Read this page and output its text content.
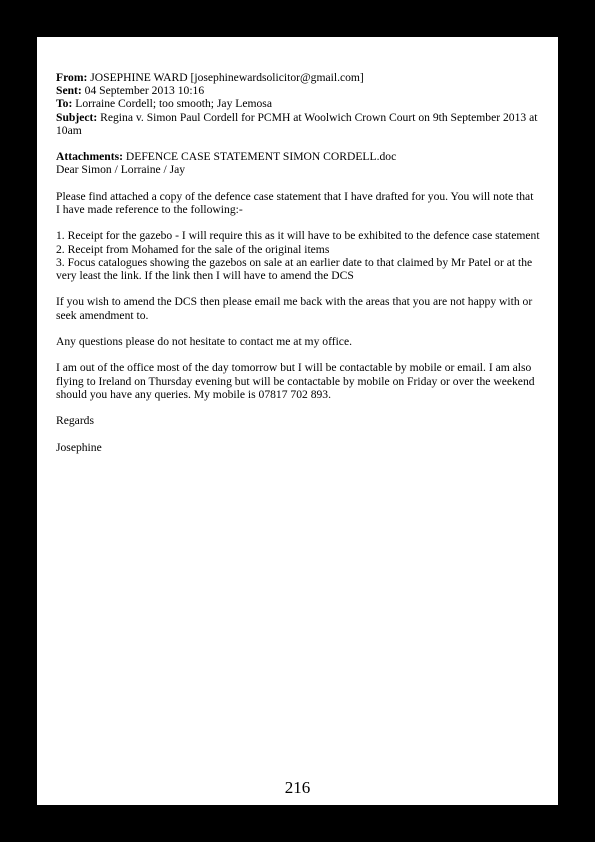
From: JOSEPHINE WARD [josephinewardsolicitor@gmail.com]
Sent: 04 September 2013 10:16
To: Lorraine Cordell; too smooth; Jay Lemosa
Subject: Regina v. Simon Paul Cordell for PCMH at Woolwich Crown Court on 9th September 2013 at 10am
Attachments: DEFENCE CASE STATEMENT SIMON CORDELL.doc

Dear Simon / Lorraine / Jay

Please find attached a copy of the defence case statement that I have drafted for you. You will note that I have made reference to the following:-

1. Receipt for the gazebo - I will require this as it will have to be exhibited to the defence case statement

2. Receipt from Mohamed for the sale of the original items

3. Focus catalogues showing the gazebos on sale at an earlier date to that claimed by Mr Patel or at the very least the link. If the link then I will have to amend the DCS

If you wish to amend the DCS then please email me back with the areas that you are not happy with or seek amendment to.

Any questions please do not hesitate to contact me at my office.

I am out of the office most of the day tomorrow but I will be contactable by mobile or email. I am also flying to Ireland on Thursday evening but will be contactable by mobile on Friday or over the weekend should you have any queries. My mobile is 07817 702 893.

Regards

Josephine

216
